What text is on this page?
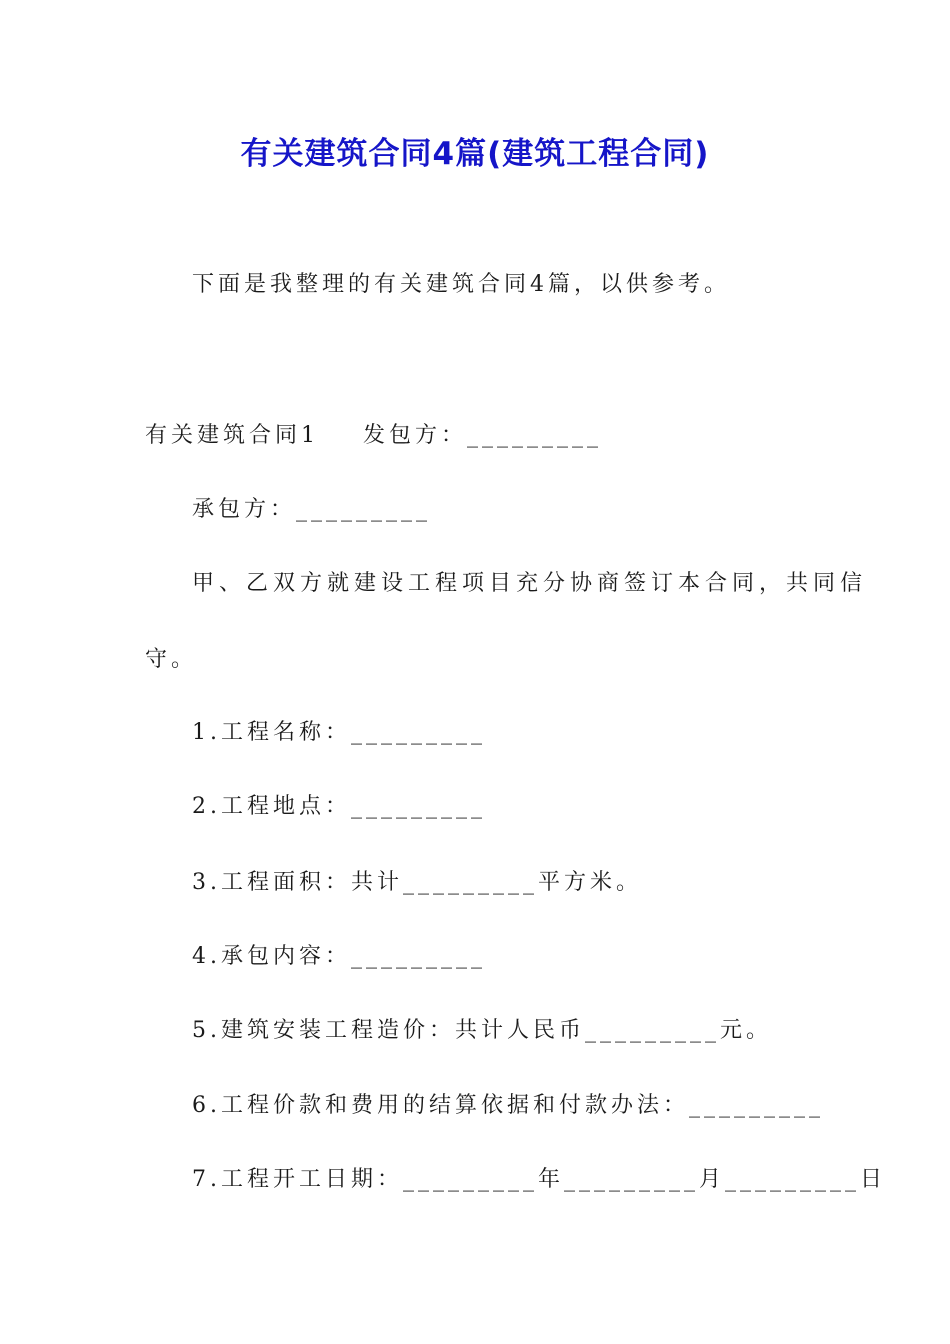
有关建筑合同4篇(建筑工程合同)
下面是我整理的有关建筑合同4篇，以供参考。
有关建筑合同1 发包方：_________
承包方：_________
甲、乙双方就建设工程项目充分协商签订本合同，共同信
守。
1.工程名称：_________
2.工程地点：_________
3.工程面积：共计_________平方米。
4.承包内容：_________
5.建筑安装工程造价：共计人民币_________元。
6.工程价款和费用的结算依据和付款办法：_________
7.工程开工日期：_________年_________月_________日
